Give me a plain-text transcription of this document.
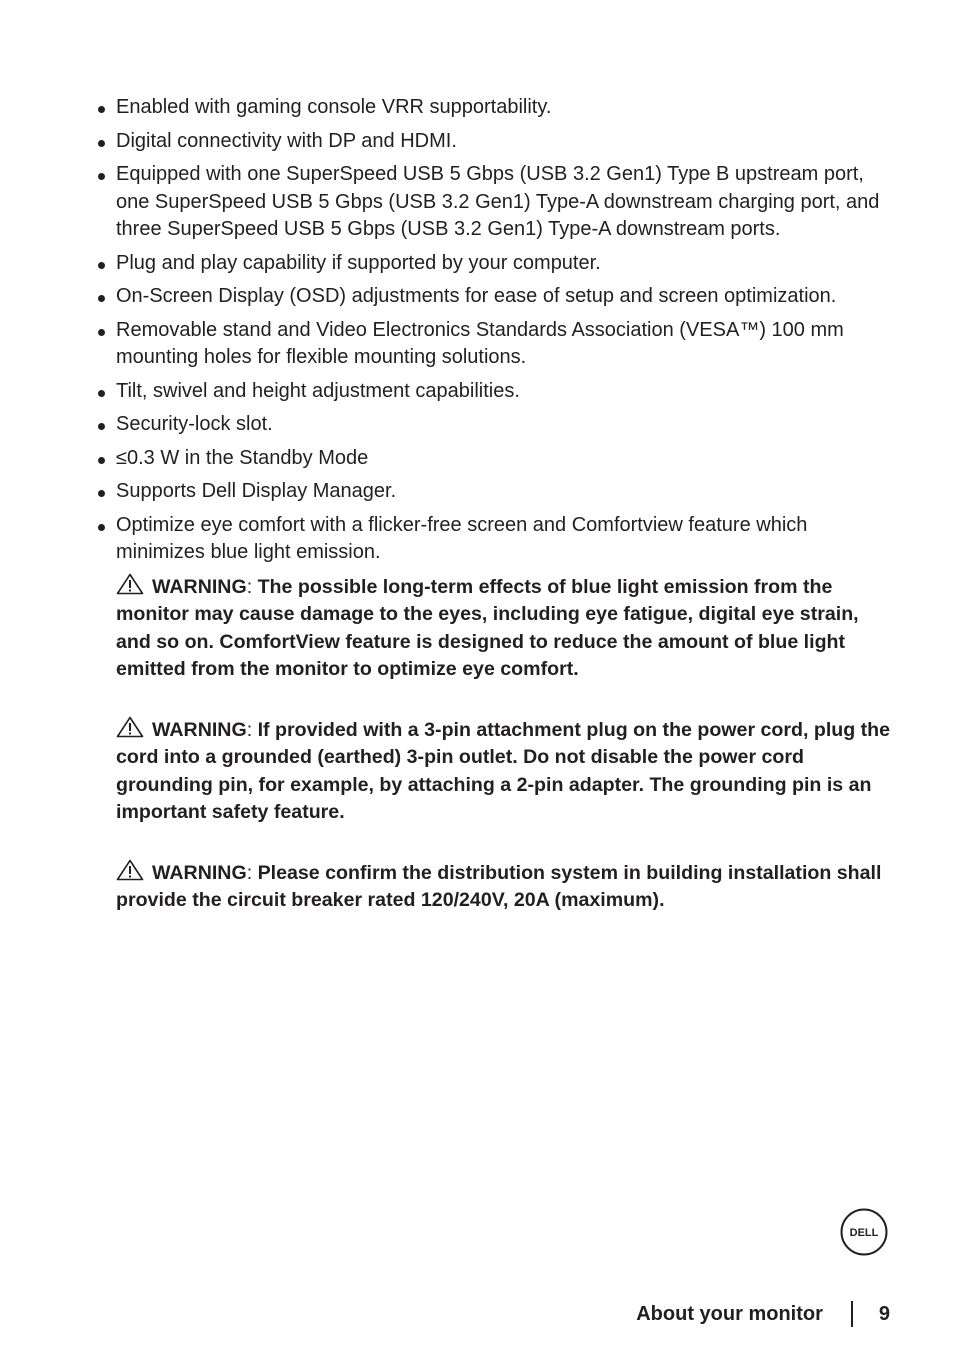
Enabled with gaming console VRR supportability.
Digital connectivity with DP and HDMI.
Equipped with one SuperSpeed USB 5 Gbps (USB 3.2 Gen1) Type B upstream port, one SuperSpeed USB 5 Gbps (USB 3.2 Gen1) Type-A downstream charging port, and three SuperSpeed USB 5 Gbps (USB 3.2 Gen1) Type-A downstream ports.
Plug and play capability if supported by your computer.
On-Screen Display (OSD) adjustments for ease of setup and screen optimization.
Removable stand and Video Electronics Standards Association (VESA™) 100 mm mounting holes for flexible mounting solutions.
Tilt, swivel and height adjustment capabilities.
Security-lock slot.
≤0.3 W in the Standby Mode
Supports Dell Display Manager.
Optimize eye comfort with a flicker-free screen and Comfortview feature which minimizes blue light emission.
WARNING: The possible long-term effects of blue light emission from the monitor may cause damage to the eyes, including eye fatigue, digital eye strain, and so on. ComfortView feature is designed to reduce the amount of blue light emitted from the monitor to optimize eye comfort.
WARNING: If provided with a 3-pin attachment plug on the power cord, plug the cord into a grounded (earthed) 3-pin outlet. Do not disable the power cord grounding pin, for example, by attaching a 2-pin adapter. The grounding pin is an important safety feature.
WARNING: Please confirm the distribution system in building installation shall provide the circuit breaker rated 120/240V, 20A (maximum).
DELL
About your monitor	9
